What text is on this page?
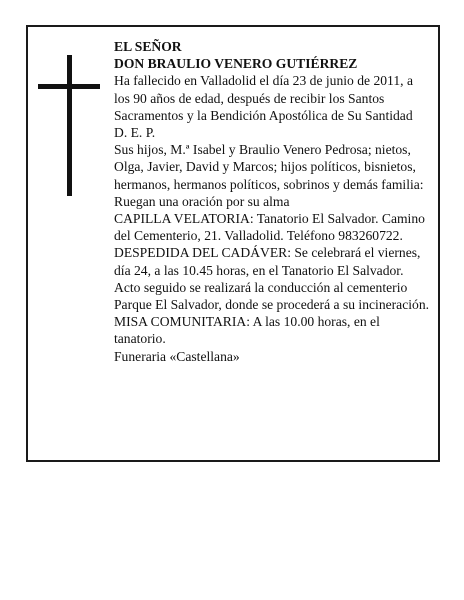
EL SEÑOR

DON BRAULIO VENERO GUTIÉRREZ

Ha fallecido en Valladolid el día 23 de junio de 2011, a los 90 años de edad, después de recibir los Santos Sacramentos y la Bendición Apostólica de Su Santidad

D. E. P.

Sus hijos, M.ª Isabel y Braulio Venero Pedrosa; nietos, Olga, Javier, David y Marcos; hijos políticos, bisnietos, hermanos, hermanos políticos, sobrinos y demás familia:

Ruegan una oración por su alma

CAPILLA VELATORIA: Tanatorio El Salvador. Camino del Cementerio, 21. Valladolid. Teléfono 983260722.

DESPEDIDA DEL CADÁVER: Se celebrará el viernes, día 24, a las 10.45 horas, en el Tanatorio El Salvador. Acto seguido se realizará la conducción al cementerio Parque El Salvador, donde se procederá a su incineración.

MISA COMUNITARIA: A las 10.00 horas, en el tanatorio.

Funeraria «Castellana»
